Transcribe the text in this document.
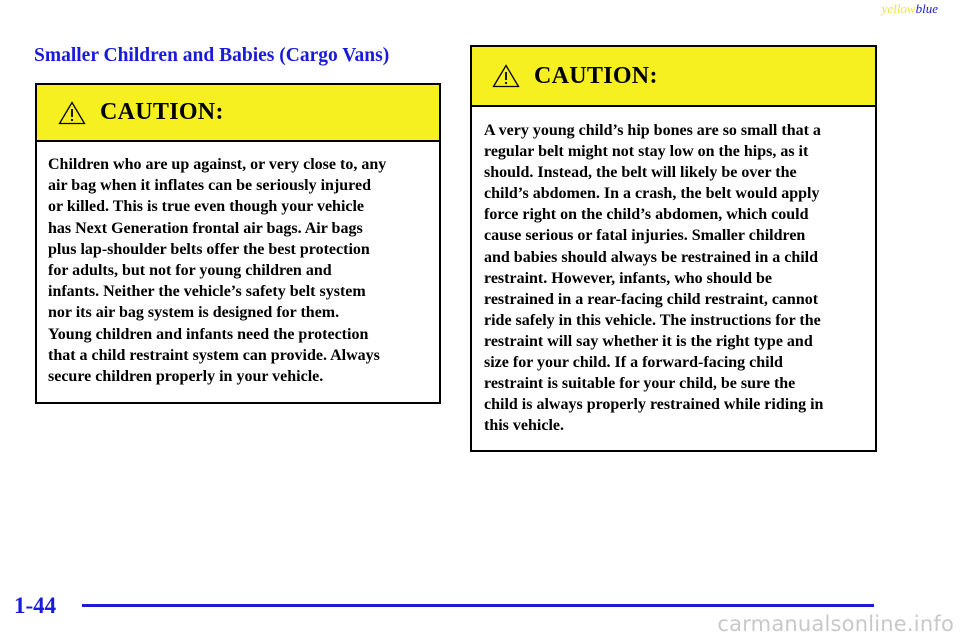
yellowblue
Smaller Children and Babies (Cargo Vans)
CAUTION:
Children who are up against, or very close to, any
air bag when it inflates can be seriously injured
or killed. This is true even though your vehicle
has Next Generation frontal air bags. Air bags
plus lap-shoulder belts offer the best protection
for adults, but not for young children and
infants. Neither the vehicle’s safety belt system
nor its air bag system is designed for them.
Young children and infants need the protection
that a child restraint system can provide. Always
secure children properly in your vehicle.
CAUTION:
A very young child’s hip bones are so small that a
regular belt might not stay low on the hips, as it
should. Instead, the belt will likely be over the
child’s abdomen. In a crash, the belt would apply
force right on the child’s abdomen, which could
cause serious or fatal injuries. Smaller children
and babies should always be restrained in a child
restraint. However, infants, who should be
restrained in a rear-facing child restraint, cannot
ride safely in this vehicle. The instructions for the
restraint will say whether it is the right type and
size for your child. If a forward-facing child
restraint is suitable for your child, be sure the
child is always properly restrained while riding in
this vehicle.
1-44
carmanualsonline.info
